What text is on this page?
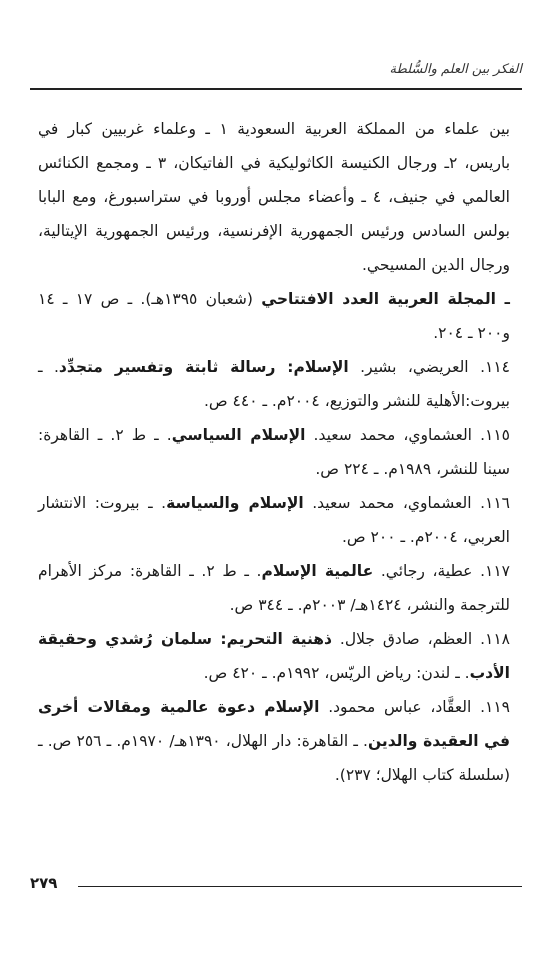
الفكر بين العلم والسُّلطة

بين علماء من المملكة العربية السعودية ١ ـ وعلماء غربيين كبار في باريس، ٢ـ ورجال الكنيسة الكاثوليكية في الفاتيكان، ٣ ـ ومجمع الكنائس العالمي في جنيف، ٤ ـ وأعضاء مجلس أوروبا في ستراسبورغ، ومع البابا بولس السادس ورئيس الجمهورية الإفرنسية، ورئيس الجمهورية الإيتالية، ورجال الدين المسيحي.

ـ المجلة العربية العدد الافتتاحي (شعبان ١٣٩٥هـ). ـ ص ١٧ ـ ١٤ و٢٠٠ ـ ٢٠٤.

١١٤. العريضي، بشير. الإسلام: رسالة ثابتة وتفسير متجدِّد. ـ بيروت:الأهلية للنشر والتوزيع، ٢٠٠٤م. ـ ٤٤٠ ص.

١١٥. العشماوي، محمد سعيد. الإسلام السياسي. ـ ط ٢. ـ القاهرة: سينا للنشر، ١٩٨٩م. ـ ٢٢٤ ص.

١١٦. العشماوي، محمد سعيد. الإسلام والسياسة. ـ بيروت: الانتشار العربي، ٢٠٠٤م. ـ ٢٠٠ ص.

١١٧. عطية، رجائي. عالمية الإسلام. ـ ط ٢. ـ القاهرة: مركز الأهرام للترجمة والنشر، ١٤٢٤هـ/ ٢٠٠٣م. ـ ٣٤٤ ص.

١١٨. العظم، صادق جلال. ذهنية التحريم: سلمان رُشدي وحقيقة الأدب. ـ لندن: رياض الريّس، ١٩٩٢م. ـ ٤٢٠ ص.

١١٩. العقَّاد، عباس محمود. الإسلام دعوة عالمية ومقالات أخرى في العقيدة والدين. ـ القاهرة: دار الهلال، ١٣٩٠هـ/ ١٩٧٠م. ـ ٢٥٦ ص. ـ (سلسلة كتاب الهلال؛ ٢٣٧).

٢٧٩
